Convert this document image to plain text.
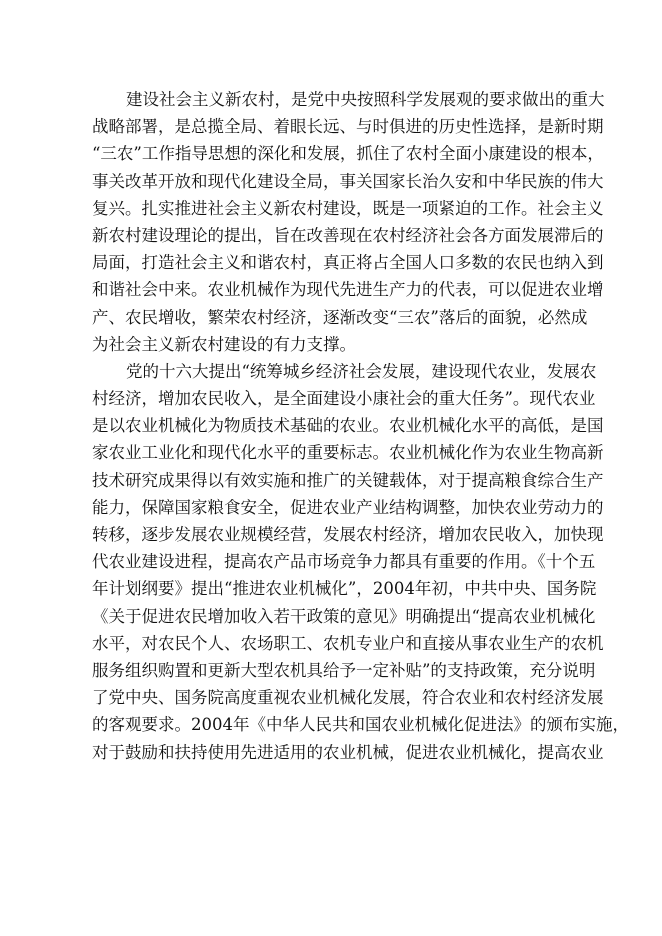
建设社会主义新农村，是党中央按照科学发展观的要求做出的重大
战略部署，是总揽全局、着眼长远、与时俱进的历史性选择，是新时期
“三农”工作指导思想的深化和发展，抓住了农村全面小康建设的根本，
事关改革开放和现代化建设全局，事关国家长治久安和中华民族的伟大
复兴。扎实推进社会主义新农村建设，既是一项紧迫的工作。社会主义
新农村建设理论的提出，旨在改善现在农村经济社会各方面发展滞后的
局面，打造社会主义和谐农村，真正将占全国人口多数的农民也纳入到
和谐社会中来。农业机械作为现代先进生产力的代表，可以促进农业增
产、农民增收，繁荣农村经济，逐渐改变“三农”落后的面貌，必然成
为社会主义新农村建设的有力支撑。
党的十六大提出“统筹城乡经济社会发展，建设现代农业，发展农
村经济，增加农民收入，是全面建设小康社会的重大任务”。现代农业
是以农业机械化为物质技术基础的农业。农业机械化水平的高低，是国
家农业工业化和现代化水平的重要标志。农业机械化作为农业生物高新
技术研究成果得以有效实施和推广的关键载体，对于提高粮食综合生产
能力，保障国家粮食安全，促进农业产业结构调整，加快农业劳动力的
转移，逐步发展农业规模经营，发展农村经济，增加农民收入，加快现
代农业建设进程，提高农产品市场竞争力都具有重要的作用。《十个五
年计划纲要》提出“推进农业机械化”，2004年初，中共中央、国务院
《关于促进农民增加收入若干政策的意见》明确提出“提高农业机械化
水平，对农民个人、农场职工、农机专业户和直接从事农业生产的农机
服务组织购置和更新大型农机具给予一定补贴”的支持政策，充分说明
了党中央、国务院高度重视农业机械化发展，符合农业和农村经济发展
的客观要求。2004年《中华人民共和国农业机械化促进法》的颁布实施，
对于鼓励和扶持使用先进适用的农业机械，促进农业机械化，提高农业
